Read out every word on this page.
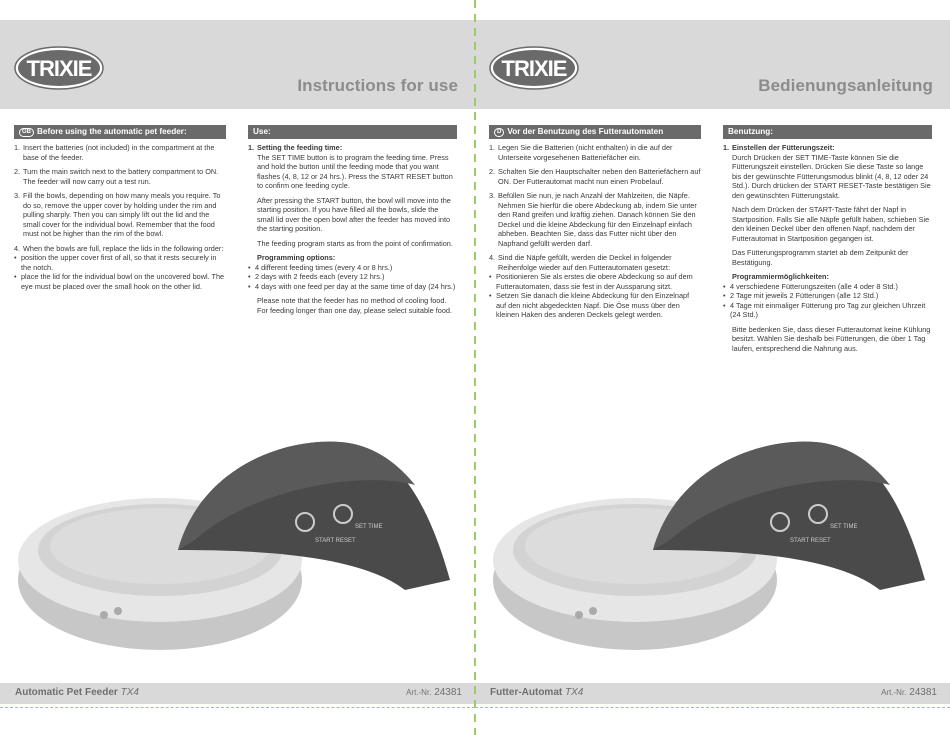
TRIXIE
Instructions for use
GB Before using the automatic pet feeder:
1. Insert the batteries (not included) in the compartment at the base of the feeder.
2. Turn the main switch next to the battery compartment to ON. The feeder will now carry out a test run.
3. Fill the bowls, depending on how many meals you require. To do so, remove the upper cover by holding under the rim and pulling sharply. Then you can simply lift out the lid and the small cover for the individual bowl. Remember that the food must not be higher than the rim of the bowl.
4. When the bowls are full, replace the lids in the following order:
• position the upper cover first of all, so that it rests securely in the notch.
• place the lid for the individual bowl on the uncovered bowl. The eye must be placed over the small hook on the other lid.
Use:
1. Setting the feeding time:
The SET TIME button is to program the feeding time. Press and hold the button until the feeding mode that you want flashes (4, 8, 12 or 24 hrs.). Press the START RESET button to confirm one feeding cycle.
After pressing the START button, the bowl will move into the starting position. If you have filled all the bowls, slide the small lid over the open bowl after the feeder has moved into the starting position.
The feeding program starts as from the point of confirmation.
Programming options:
• 4 different feeding times (every 4 or 8 hrs.)
• 2 days with 2 feeds each (every 12 hrs.)
• 4 days with one feed per day at the same time of day (24 hrs.)
Please note that the feeder has no method of cooling food. For feeding longer than one day, please select suitable food.
START RESET
SET TIME
Automatic Pet Feeder TX4	Art.-Nr. 24381
TRIXIE
Bedienungsanleitung
D Vor der Benutzung des Futterautomaten
1. Legen Sie die Batterien (nicht enthalten) in die auf der Unterseite vorgesehenen Batteriefächer ein.
2. Schalten Sie den Hauptschalter neben den Batteriefächern auf ON. Der Futterautomat macht nun einen Probelauf.
3. Befüllen Sie nun, je nach Anzahl der Mahlzeiten, die Näpfe. Nehmen Sie hierfür die obere Abdeckung ab, indem Sie unter den Rand greifen und kräftig ziehen. Danach können Sie den Deckel und die kleine Abdeckung für den Einzelnapf einfach abheben. Beachten Sie, dass das Futter nicht über den Napfrand gefüllt werden darf.
4. Sind die Näpfe gefüllt, werden die Deckel in folgender Reihenfolge wieder auf den Futterautomaten gesetzt:
• Positionieren Sie als erstes die obere Abdeckung so auf dem Futterautomaten, dass sie fest in der Aussparung sitzt.
• Setzen Sie danach die kleine Abdeckung für den Einzelnapf auf den nicht abgedeckten Napf. Die Öse muss über den kleinen Haken des anderen Deckels gelegt werden.
Benutzung:
1. Einstellen der Fütterungszeit:
Durch Drücken der SET TIME-Taste können Sie die Fütterungszeit einstellen. Drücken Sie diese Taste so lange bis der gewünschte Fütterungsmodus blinkt (4, 8, 12 oder 24 Std.). Durch drücken der START RESET-Taste bestätigen Sie den gewünschten Fütterungstakt.
Nach dem Drücken der START-Taste fährt der Napf in Startposition. Falls Sie alle Näpfe gefüllt haben, schieben Sie den kleinen Deckel über den offenen Napf, nachdem der Futterautomat in Startposition gegangen ist.
Das Fütterungsprogramm startet ab dem Zeitpunkt der Bestätigung.
Programmiermöglichkeiten:
• 4 verschiedene Fütterungszeiten (alle 4 oder 8 Std.)
• 2 Tage mit jeweils 2 Fütterungen (alle 12 Std.)
• 4 Tage mit einmaliger Fütterung pro Tag zur gleichen Uhrzeit (24 Std.)
Bitte bedenken Sie, dass dieser Futterautomat keine Kühlung besitzt. Wählen Sie deshalb bei Fütterungen, die über 1 Tag laufen, entsprechend die Nahrung aus.
START RESET
SET TIME
Futter-Automat TX4	Art.-Nr. 24381
